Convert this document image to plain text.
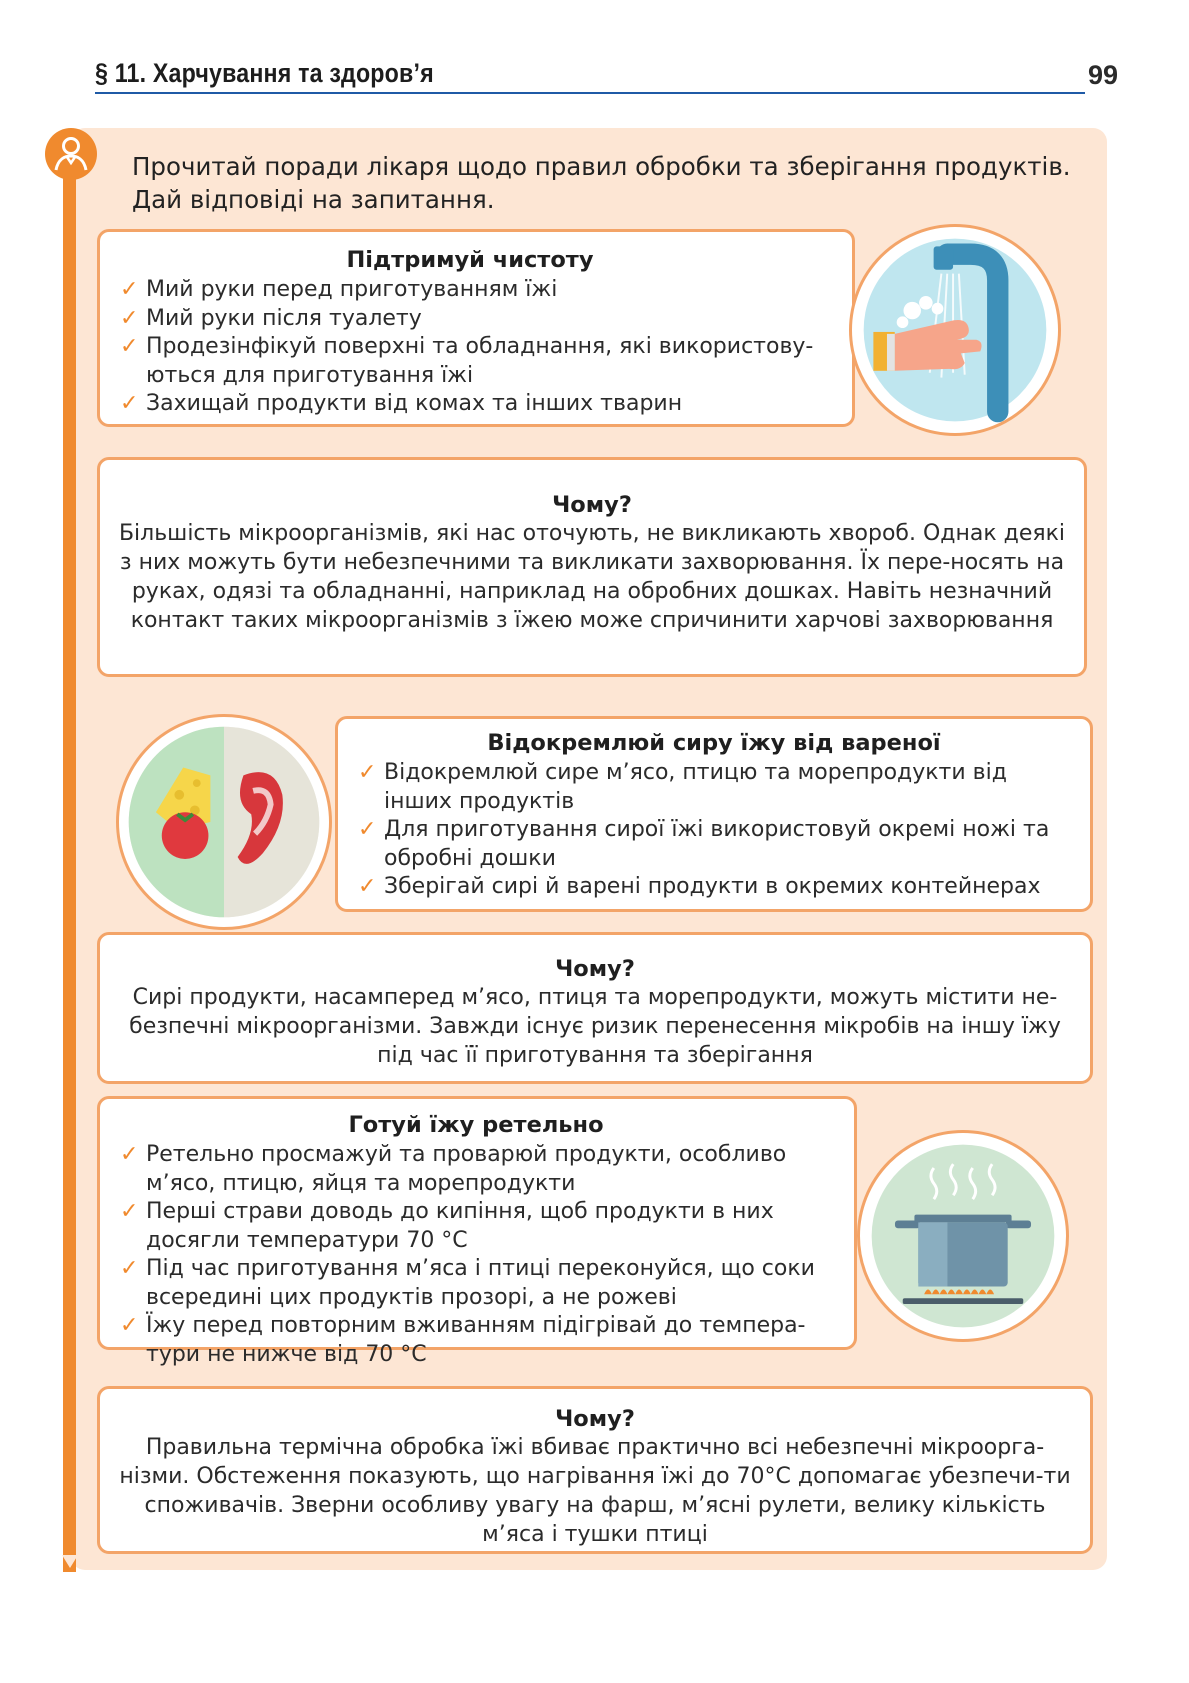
§ 11. Харчування та здоров’я	99
Прочитай поради лікаря щодо правил обробки та зберігання продуктів. Дай відповіді на запитання.
Підтримуй чистоту
✓ Мий руки перед приготуванням їжі
✓ Мий руки після туалету
✓ Продезінфікуй поверхні та обладнання, які використову-ються для приготування їжі
✓ Захищай продукти від комах та інших тварин
Чому?
Більшість мікроорганізмів, які нас оточують, не викликають хвороб. Однак деякі з них можуть бути небезпечними та викликати захворювання. Їх пере-носять на руках, одязі та обладнанні, наприклад на обробних дошках. Навіть незначний контакт таких мікроорганізмів з їжею може спричинити харчові захворювання
Відокремлюй сиру їжу від вареної
✓ Відокремлюй сире м’ясо, птицю та морепродукти від інших продуктів
✓ Для приготування сирої їжі використовуй окремі ножі та обробні дошки
✓ Зберігай сирі й варені продукти в окремих контейнерах
Чому?
Сирі продукти, насамперед м’ясо, птиця та морепродукти, можуть містити не-безпечні мікроорганізми. Завжди існує ризик перенесення мікробів на іншу їжу під час її приготування та зберігання
Готуй їжу ретельно
✓ Ретельно просмажуй та проварюй продукти, особливо м’ясо, птицю, яйця та морепродукти
✓ Перші страви доводь до кипіння, щоб продукти в них досягли температури 70 °С
✓ Під час приготування м’яса і птиці переконуйся, що соки всередині цих продуктів прозорі, а не рожеві
✓ Їжу перед повторним вживанням підігрівай до темпера-тури не нижче від 70 °С
Чому?
Правильна термічна обробка їжі вбиває практично всі небезпечні мікроорга-нізми. Обстеження показують, що нагрівання їжі до 70°С допомагає убезпечи-ти споживачів. Зверни особливу увагу на фарш, м’ясні рулети, велику кількість м’яса і тушки птиці
